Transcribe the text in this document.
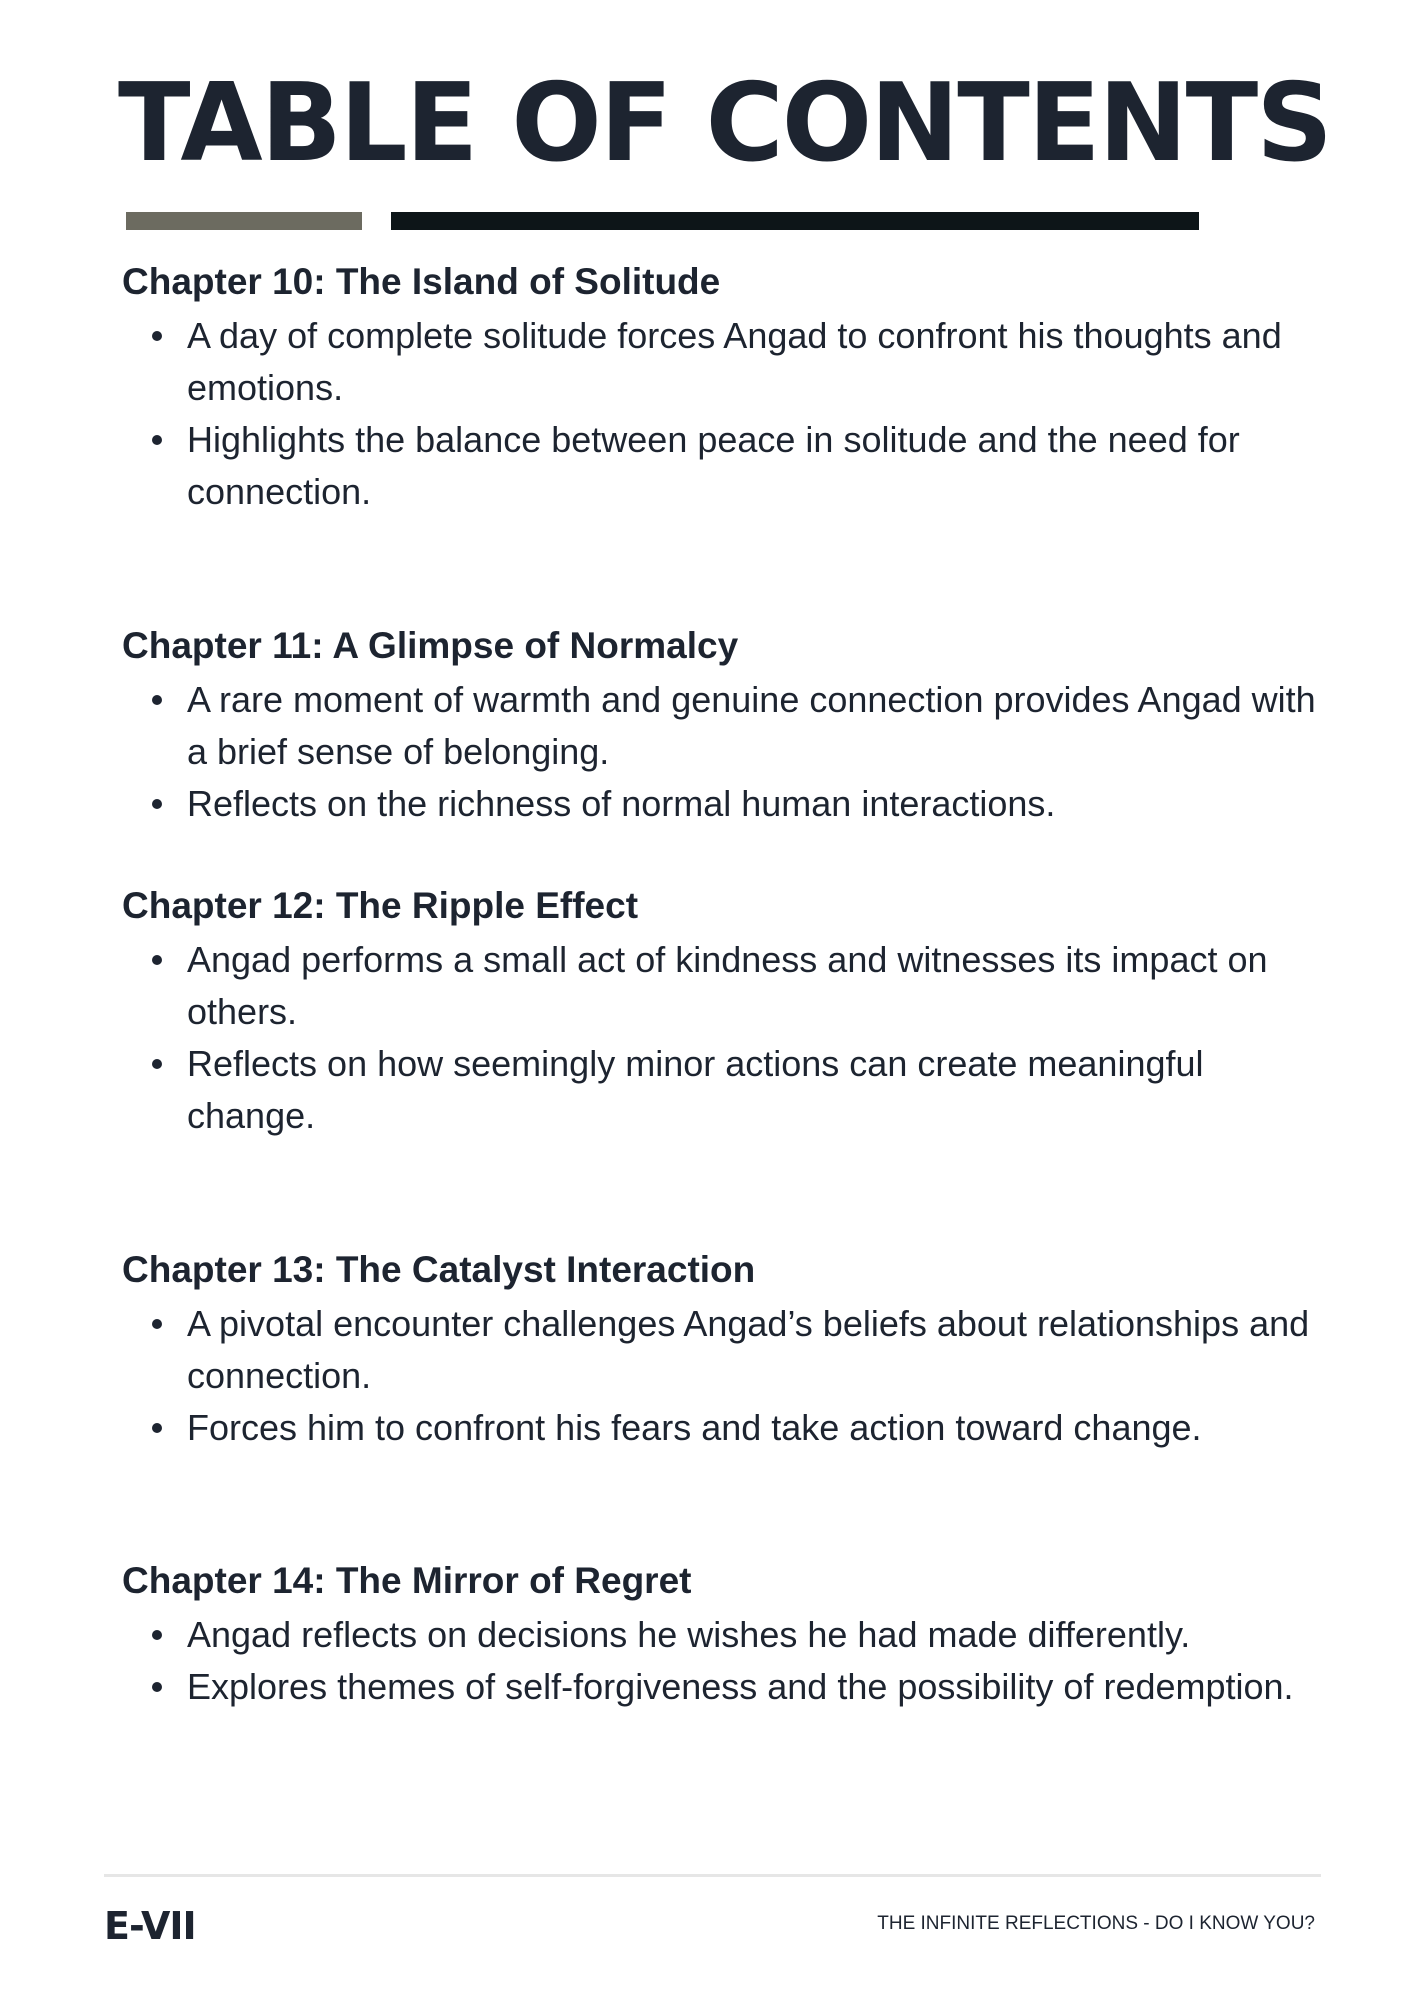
TABLE OF CONTENTS
Chapter 10: The Island of Solitude
A day of complete solitude forces Angad to confront his thoughts and emotions.
Highlights the balance between peace in solitude and the need for connection.
Chapter 11: A Glimpse of Normalcy
A rare moment of warmth and genuine connection provides Angad with a brief sense of belonging.
Reflects on the richness of normal human interactions.
Chapter 12: The Ripple Effect
Angad performs a small act of kindness and witnesses its impact on others.
Reflects on how seemingly minor actions can create meaningful change.
Chapter 13: The Catalyst Interaction
A pivotal encounter challenges Angad’s beliefs about relationships and connection.
Forces him to confront his fears and take action toward change.
Chapter 14: The Mirror of Regret
Angad reflects on decisions he wishes he had made differently.
Explores themes of self-forgiveness and the possibility of redemption.
E-VII	THE INFINITE REFLECTIONS - DO I KNOW YOU?
